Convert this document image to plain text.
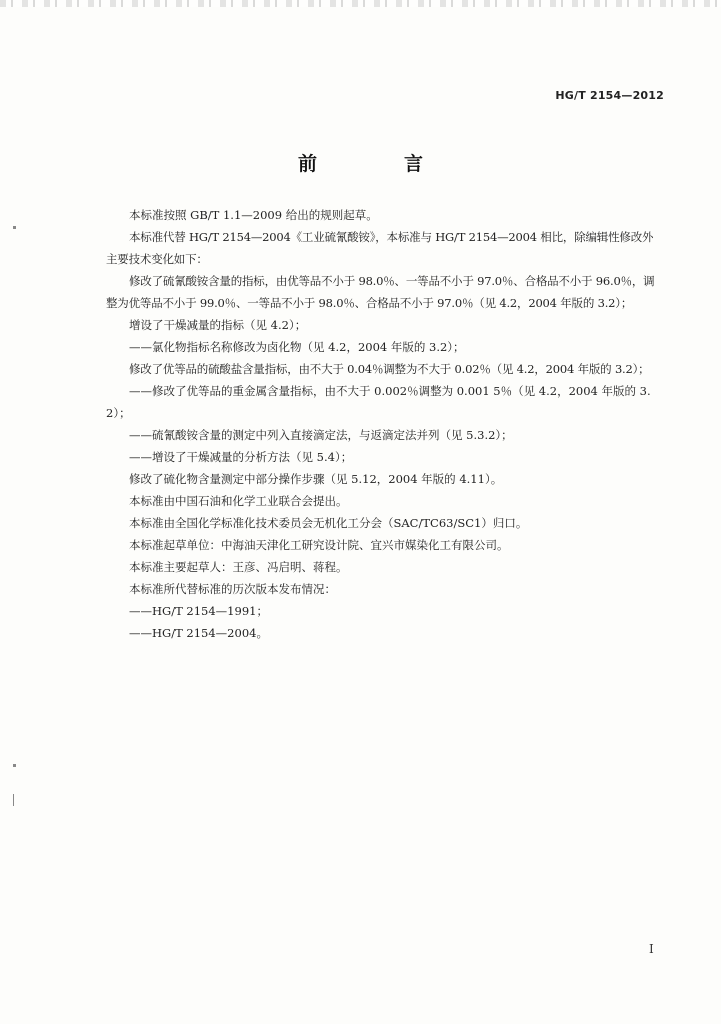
HG/T 2154—2012
前　言

本标准按照 GB/T 1.1—2009 给出的规则起草。

本标准代替 HG/T 2154—2004《工业硫氰酸铵》，本标准与 HG/T 2154—2004 相比，除编辑性修改外主要技术变化如下：

修改了硫氰酸铵含量的指标，由优等品不小于 98.0％、一等品不小于 97.0％、合格品不小于 96.0％，调整为优等品不小于 99.0％、一等品不小于 98.0％、合格品不小于 97.0％（见 4.2，2004 年版的 3.2）；

增设了干燥减量的指标（见 4.2）；

——氯化物指标名称修改为卤化物（见 4.2，2004 年版的 3.2）；

修改了优等品的硫酸盐含量指标，由不大于 0.04％调整为不大于 0.02％（见 4.2，2004 年版的 3.2）；

——修改了优等品的重金属含量指标，由不大于 0.002％调整为 0.001 5％（见 4.2，2004 年版的 3.2）；

——硫氰酸铵含量的测定中列入直接滴定法，与返滴定法并列（见 5.3.2）；

——增设了干燥减量的分析方法（见 5.4）；

修改了硫化物含量测定中部分操作步骤（见 5.12，2004 年版的 4.11）。

本标准由中国石油和化学工业联合会提出。

本标准由全国化学标准化技术委员会无机化工分会（SAC/TC63/SC1）归口。

本标准起草单位：中海油天津化工研究设计院、宜兴市媒染化工有限公司。

本标准主要起草人：王彦、冯启明、蒋程。

本标准所代替标准的历次版本发布情况：

——HG/T 2154—1991；

——HG/T 2154—2004。

I
